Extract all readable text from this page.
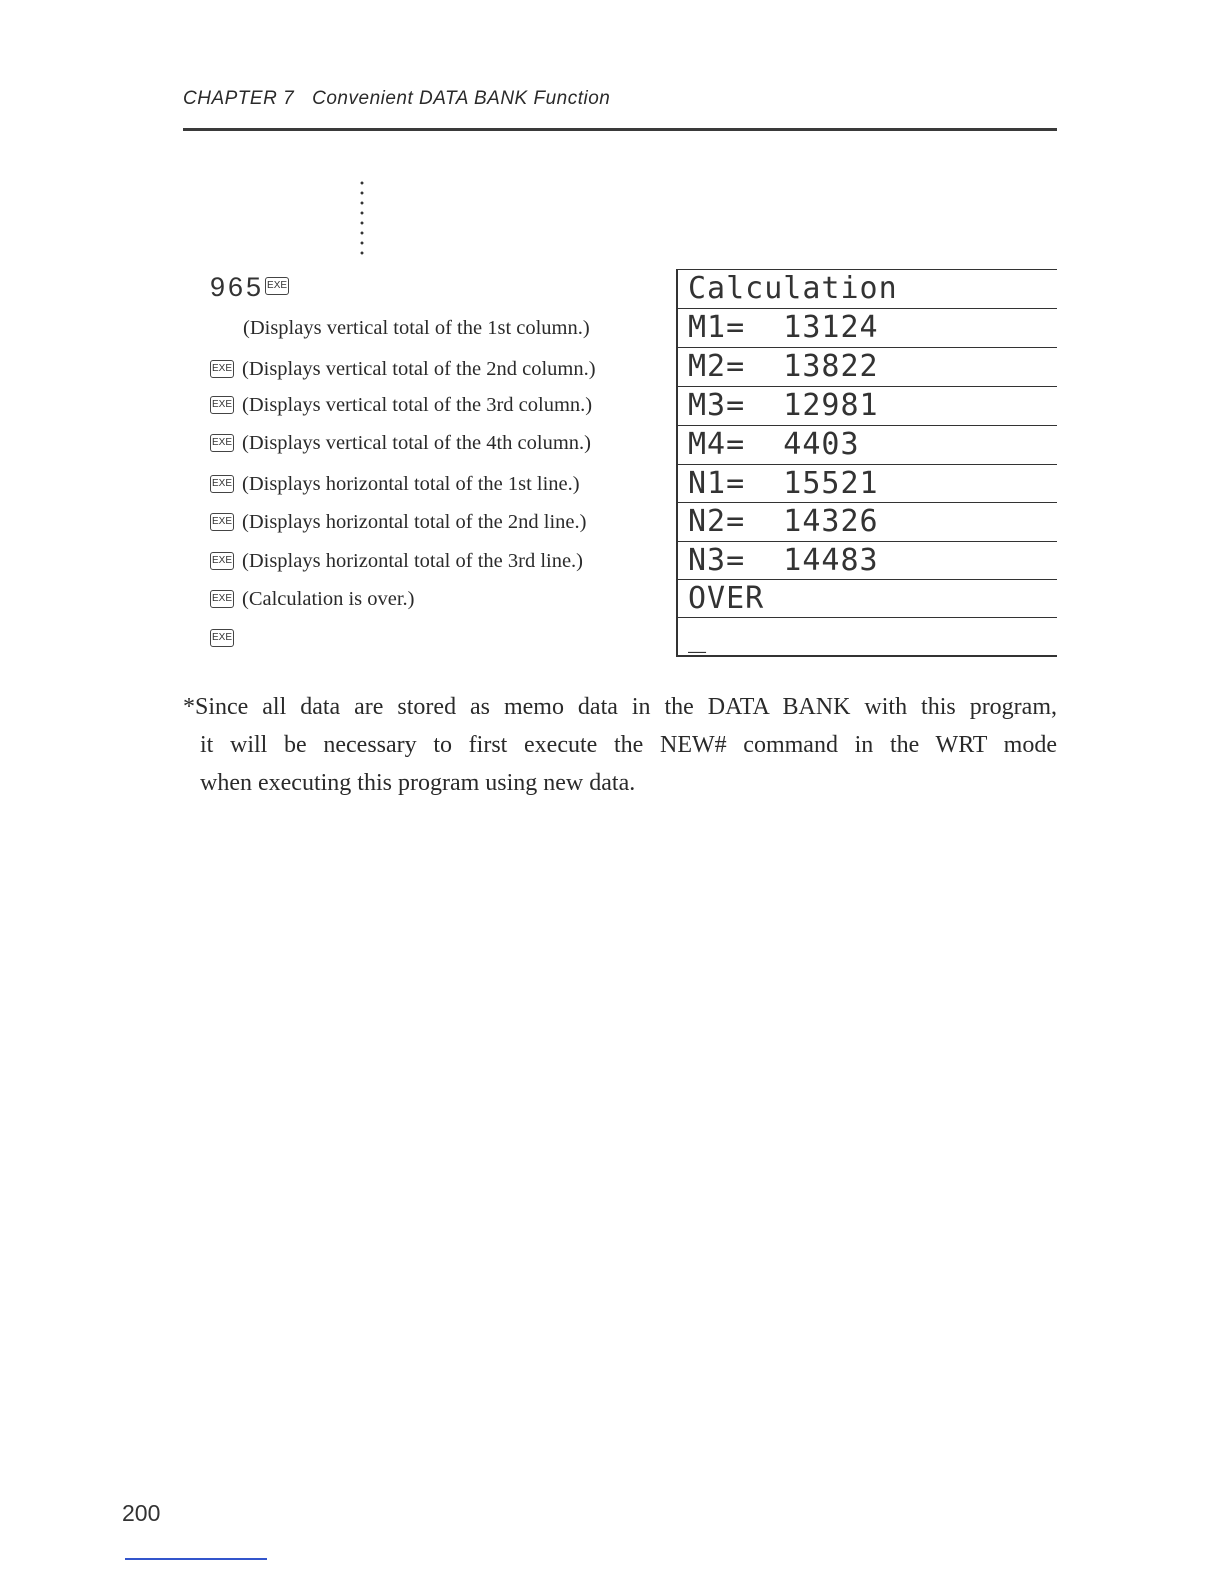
CHAPTER 7 Convenient DATA BANK Function
965 EXE
(Displays vertical total of the 1st column.)
EXE (Displays vertical total of the 2nd column.)
EXE (Displays vertical total of the 3rd column.)
EXE (Displays vertical total of the 4th column.)
EXE (Displays horizontal total of the 1st line.)
EXE (Displays horizontal total of the 2nd line.)
EXE (Displays horizontal total of the 3rd line.)
EXE (Calculation is over.)
EXE
Calculation
M1=  13124
M2=  13822
M3=  12981
M4=  4403
N1=  15521
N2=  14326
N3=  14483
OVER
_
*Since all data are stored as memo data in the DATA BANK with this program,
it will be necessary to first execute the NEW# command in the WRT mode
when executing this program using new data.
200
